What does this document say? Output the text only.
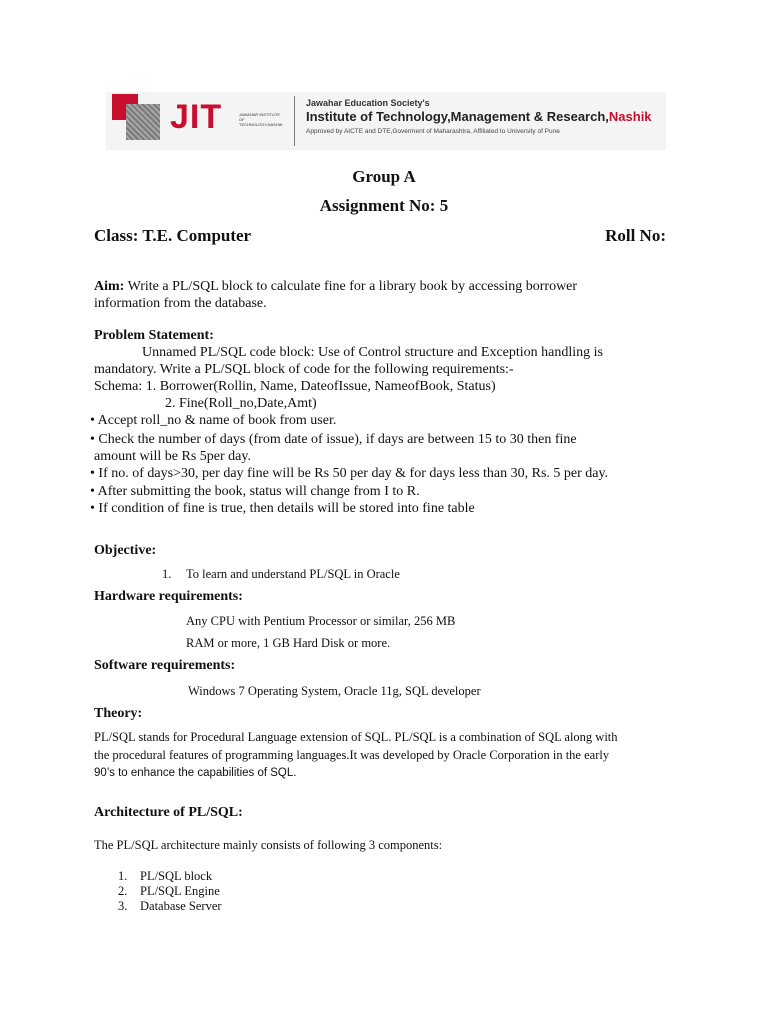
JIT	JAWAHAR INSTITUTE OF TECHNOLOGY,NASHIK
Jawahar Education Society's
Institute of Technology,Management & Research,Nashik
Approved by AICTE and DTE,Goverment of Maharashtra, Affiliated to University of Pune
Group A
Assignment No: 5
Class: T.E. Computer	Roll No:
Aim: Write a PL/SQL block to calculate fine for a library book by accessing borrower
information from the database.
Problem Statement:
Unnamed PL/SQL code block: Use of Control structure and Exception handling is
mandatory. Write a PL/SQL block of code for the following requirements:-
Schema: 1. Borrower(Rollin, Name, DateofIssue, NameofBook, Status)
2. Fine(Roll_no,Date,Amt)
• Accept roll_no & name of book from user.
• Check the number of days (from date of issue), if days are between 15 to 30 then fine
amount will be Rs 5per day.
• If no. of days>30, per day fine will be Rs 50 per day & for days less than 30, Rs. 5 per day.
• After submitting the book, status will change from I to R.
• If condition of fine is true, then details will be stored into fine table
Objective:
1. To learn and understand PL/SQL in Oracle
Hardware requirements:
Any CPU with Pentium Processor or similar, 256 MB
RAM or more, 1 GB Hard Disk or more.
Software requirements:
Windows 7 Operating System, Oracle 11g, SQL developer
Theory:
PL/SQL stands for Procedural Language extension of SQL. PL/SQL is a combination of SQL along with
the procedural features of programming languages.It was developed by Oracle Corporation in the early
90’s to enhance the capabilities of SQL.
Architecture of PL/SQL:
The PL/SQL architecture mainly consists of following 3 components:
1. PL/SQL block
2. PL/SQL Engine
3. Database Server
